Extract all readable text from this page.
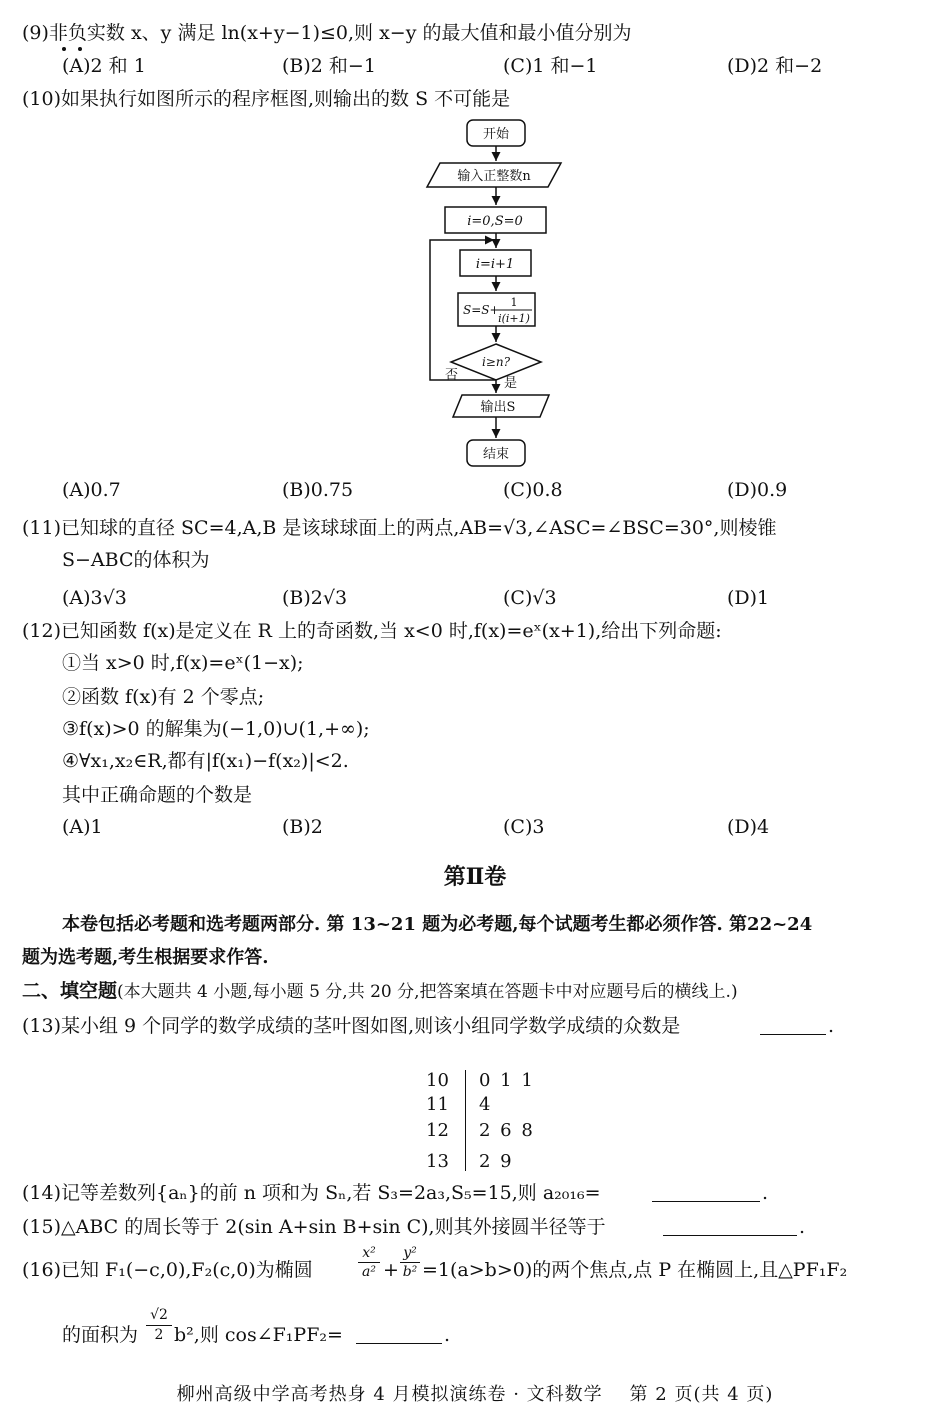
(9)非负实数 x、y 满足 ln(x+y−1)≤0,则 x−y 的最大值和最小值分别为
(A)2 和 1	(B)2 和−1	(C)1 和−1	(D)2 和−2
(10)如果执行如图所示的程序框图,则输出的数 S 不可能是
开始
输入正整数n
i=0,S=0
i=i+1
S=S+
1
i(i+1)
i≥n?
否
是
输出S
结束
(A)0.7	(B)0.75	(C)0.8	(D)0.9
(11)已知球的直径 SC=4,A,B 是该球球面上的两点,AB=√3,∠ASC=∠BSC=30°,则棱锥
S−ABC的体积为
(A)3√3	(B)2√3	(C)√3	(D)1
(12)已知函数 f(x)是定义在 R 上的奇函数,当 x<0 时,f(x)=eˣ(x+1),给出下列命题:
①当 x>0 时,f(x)=eˣ(1−x);
②函数 f(x)有 2 个零点;
③f(x)>0 的解集为(−1,0)∪(1,+∞);
④∀x₁,x₂∈R,都有|f(x₁)−f(x₂)|<2.
其中正确命题的个数是
(A)1	(B)2	(C)3	(D)4
第Ⅱ卷
本卷包括必考题和选考题两部分. 第 13~21 题为必考题,每个试题考生都必须作答. 第22~24
题为选考题,考生根据要求作答.
二、填空题(本大题共 4 小题,每小题 5 分,共 20 分,把答案填在答题卡中对应题号后的横线上.)
(13)某小组 9 个同学的数学成绩的茎叶图如图,则该小组同学数学成绩的众数是	.
10 0 1 1
11 4
12 2 6 8
13 2 9
(14)记等差数列{aₙ}的前 n 项和为 Sₙ,若 S₃=2a₃,S₅=15,则 a₂₀₁₆=	.
(15)△ABC 的周长等于 2(sin A+sin B+sin C),则其外接圆半径等于	.
(16)已知 F₁(−c,0),F₂(c,0)为椭圆
x²
a² +
y²
b² =1(a>b>0)的两个焦点,点 P 在椭圆上,且△PF₁F₂
的面积为
√2
2 b²,则 cos∠F₁PF₂=	.
柳州高级中学高考热身 4 月模拟演练卷 · 文科数学    第 2 页(共 4 页)
